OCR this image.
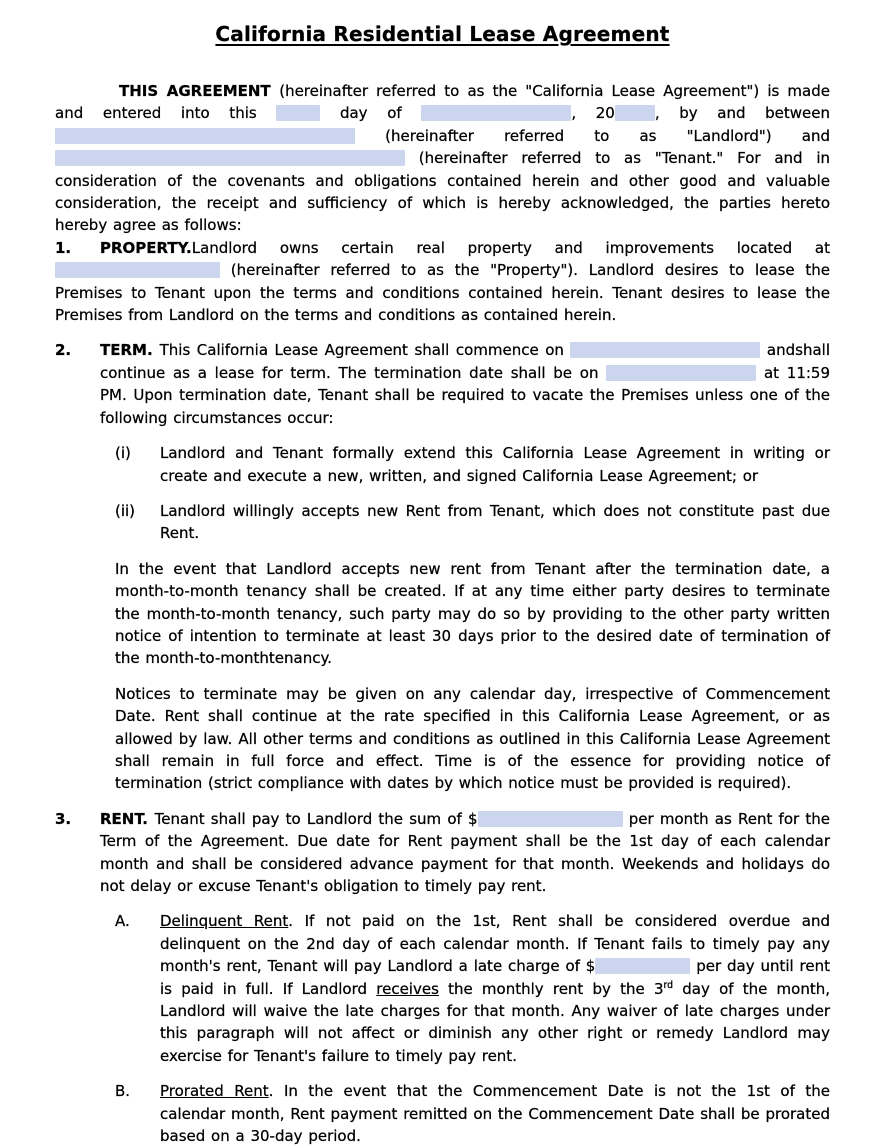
California Residential Lease Agreement
THIS AGREEMENT (hereinafter referred to as the "California Lease Agreement") is made and entered into this	day of	, 20	, by and between  (hereinafter referred to as "Landlord") and  (hereinafter referred to as "Tenant." For and in consideration of the covenants and obligations contained herein and other good and valuable consideration, the receipt and sufficiency of which is hereby acknowledged, the parties hereto hereby agree as follows:
1. PROPERTY.Landlord owns certain real property and improvements located at  (hereinafter referred to as the "Property"). Landlord desires to lease the Premises to Tenant upon the terms and conditions contained herein. Tenant desires to lease the Premises from Landlord on the terms and conditions as contained herein.
2. TERM. This California Lease Agreement shall commence on	andshall continue as a lease for term. The termination date shall be on	at 11:59 PM. Upon termination date, Tenant shall be required to vacate the Premises unless one of the following circumstances occur:
(i) Landlord and Tenant formally extend this California Lease Agreement in writing or create and execute a new, written, and signed California Lease Agreement; or
(ii) Landlord willingly accepts new Rent from Tenant, which does not constitute past due Rent.
In the event that Landlord accepts new rent from Tenant after the termination date, a month-to-month tenancy shall be created. If at any time either party desires to terminate the month-to-month tenancy, such party may do so by providing to the other party written notice of intention to terminate at least 30 days prior to the desired date of termination of the month-to-monthtenancy.
Notices to terminate may be given on any calendar day, irrespective of Commencement Date. Rent shall continue at the rate specified in this California Lease Agreement, or as allowed by law. All other terms and conditions as outlined in this California Lease Agreement shall remain in full force and effect. Time is of the essence for providing notice of termination (strict compliance with dates by which notice must be provided is required).
3. RENT. Tenant shall pay to Landlord the sum of $	per month as Rent for the Term of the Agreement. Due date for Rent payment shall be the 1st day of each calendar month and shall be considered advance payment for that month. Weekends and holidays do not delay or excuse Tenant's obligation to timely pay rent.
A. Delinquent Rent. If not paid on the 1st, Rent shall be considered overdue and delinquent on the 2nd day of each calendar month. If Tenant fails to timely pay any month's rent, Tenant will pay Landlord a late charge of $	per day until rent is paid in full. If Landlord receives the monthly rent by the 3rd day of the month, Landlord will waive the late charges for that month. Any waiver of late charges under this paragraph will not affect or diminish any other right or remedy Landlord may exercise for Tenant's failure to timely pay rent.
B. Prorated Rent. In the event that the Commencement Date is not the 1st of the calendar month, Rent payment remitted on the Commencement Date shall be prorated based on a 30-day period.
